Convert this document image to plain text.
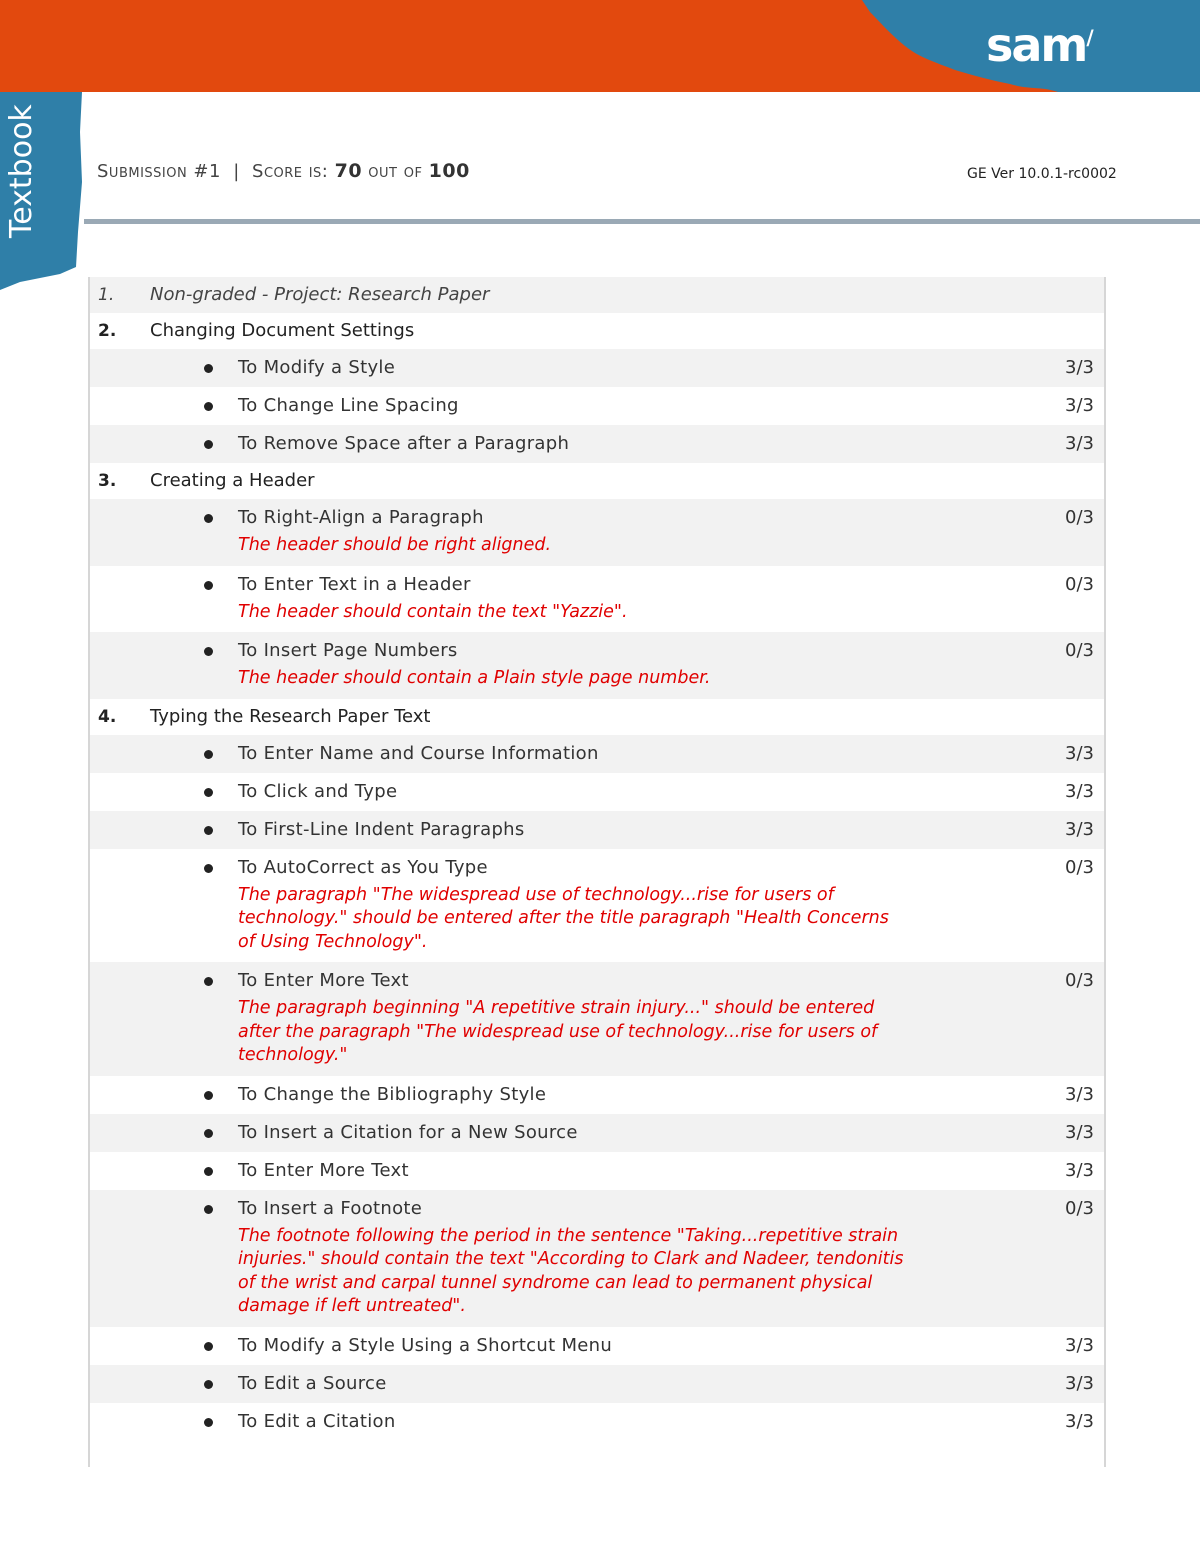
sam/
Textbook	Submission #1 | Score is: 70 out of 100	GE Ver 10.0.1-rc0002
1. Non-graded - Project: Research Paper
2. Changing Document Settings
To Modify a Style	3/3
To Change Line Spacing	3/3
To Remove Space after a Paragraph	3/3
3. Creating a Header
To Right-Align a Paragraph	0/3
The header should be right aligned.
To Enter Text in a Header	0/3
The header should contain the text "Yazzie".
To Insert Page Numbers	0/3
The header should contain a Plain style page number.
4. Typing the Research Paper Text
To Enter Name and Course Information	3/3
To Click and Type	3/3
To First-Line Indent Paragraphs	3/3
To AutoCorrect as You Type	0/3
The paragraph "The widespread use of technology...rise for users of
technology." should be entered after the title paragraph "Health Concerns
of Using Technology".
To Enter More Text	0/3
The paragraph beginning "A repetitive strain injury..." should be entered
after the paragraph "The widespread use of technology...rise for users of
technology."
To Change the Bibliography Style	3/3
To Insert a Citation for a New Source	3/3
To Enter More Text	3/3
To Insert a Footnote	0/3
The footnote following the period in the sentence "Taking...repetitive strain
injuries." should contain the text "According to Clark and Nadeer, tendonitis
of the wrist and carpal tunnel syndrome can lead to permanent physical
damage if left untreated".
To Modify a Style Using a Shortcut Menu	3/3
To Edit a Source	3/3
To Edit a Citation	3/3
